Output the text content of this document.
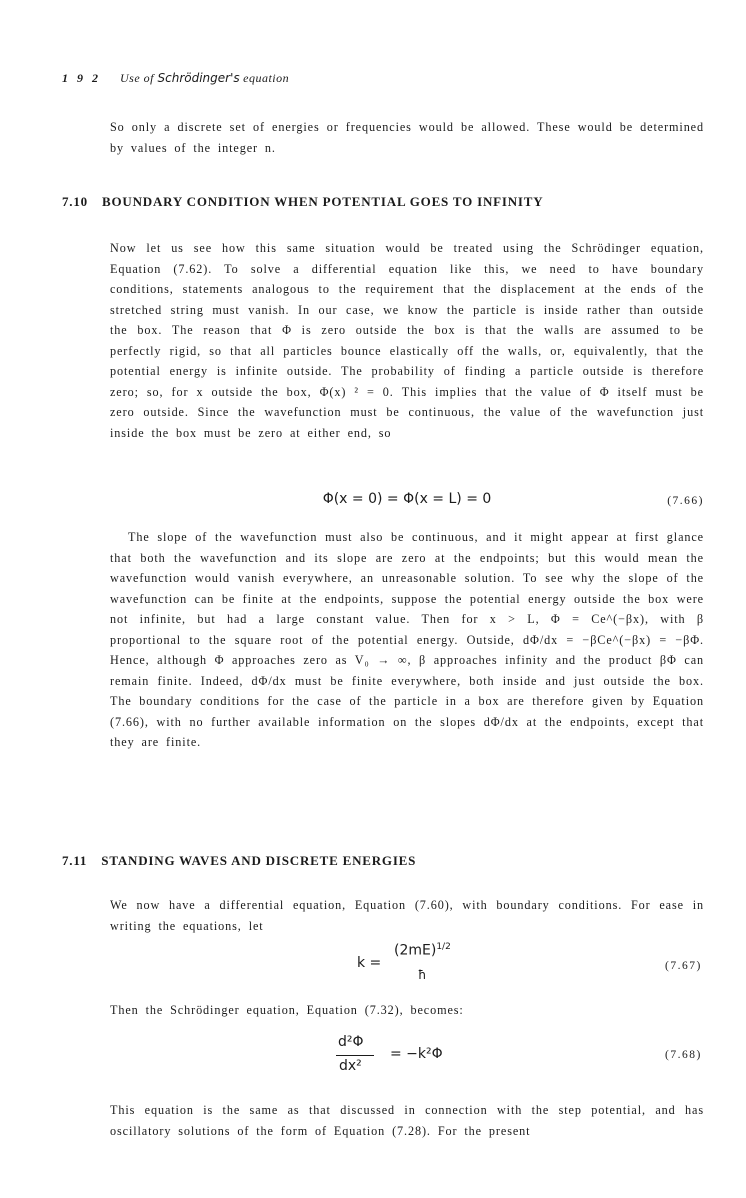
1 9 2 Use of Schrödinger's equation
So only a discrete set of energies or frequencies would be allowed. These would be determined by values of the integer n.
7.10 BOUNDARY CONDITION WHEN POTENTIAL GOES TO INFINITY
Now let us see how this same situation would be treated using the Schrödinger equation, Equation (7.62). To solve a differential equation like this, we need to have boundary conditions, statements analogous to the requirement that the displacement at the ends of the stretched string must vanish. In our case, we know the particle is inside rather than outside the box. The reason that Φ is zero outside the box is that the walls are assumed to be perfectly rigid, so that all particles bounce elastically off the walls, or, equivalently, that the potential energy is infinite outside. The probability of finding a particle outside is therefore zero; so, for x outside the box, Φ(x) ² = 0. This implies that the value of Φ itself must be zero outside. Since the wavefunction must be continuous, the value of the wavefunction just inside the box must be zero at either end, so
Φ(x = 0) = Φ(x = L) = 0	(7.66)
The slope of the wavefunction must also be continuous, and it might appear at first glance that both the wavefunction and its slope are zero at the endpoints; but this would mean the wavefunction would vanish everywhere, an unreasonable solution. To see why the slope of the wavefunction can be finite at the endpoints, suppose the potential energy outside the box were not infinite, but had a large constant value. Then for x > L, Φ = Ce^(−βx), with β proportional to the square root of the potential energy. Outside, dΦ/dx = −βCe^(−βx) = −βΦ. Hence, although Φ approaches zero as V₀ → ∞, β approaches infinity and the product βΦ can remain finite. Indeed, dΦ/dx must be finite everywhere, both inside and just outside the box. The boundary conditions for the case of the particle in a box are therefore given by Equation (7.66), with no further available information on the slopes dΦ/dx at the endpoints, except that they are finite.
7.11 STANDING WAVES AND DISCRETE ENERGIES
We now have a differential equation, Equation (7.60), with boundary conditions. For ease in writing the equations, let
k =
$(2mE)^{1/2}$
ħ
(7.67)
Then the Schrödinger equation, Equation (7.32), becomes:
d²Φ
dx²
= −k²Φ	(7.68)
This equation is the same as that discussed in connection with the step potential, and has oscillatory solutions of the form of Equation (7.28). For the present
